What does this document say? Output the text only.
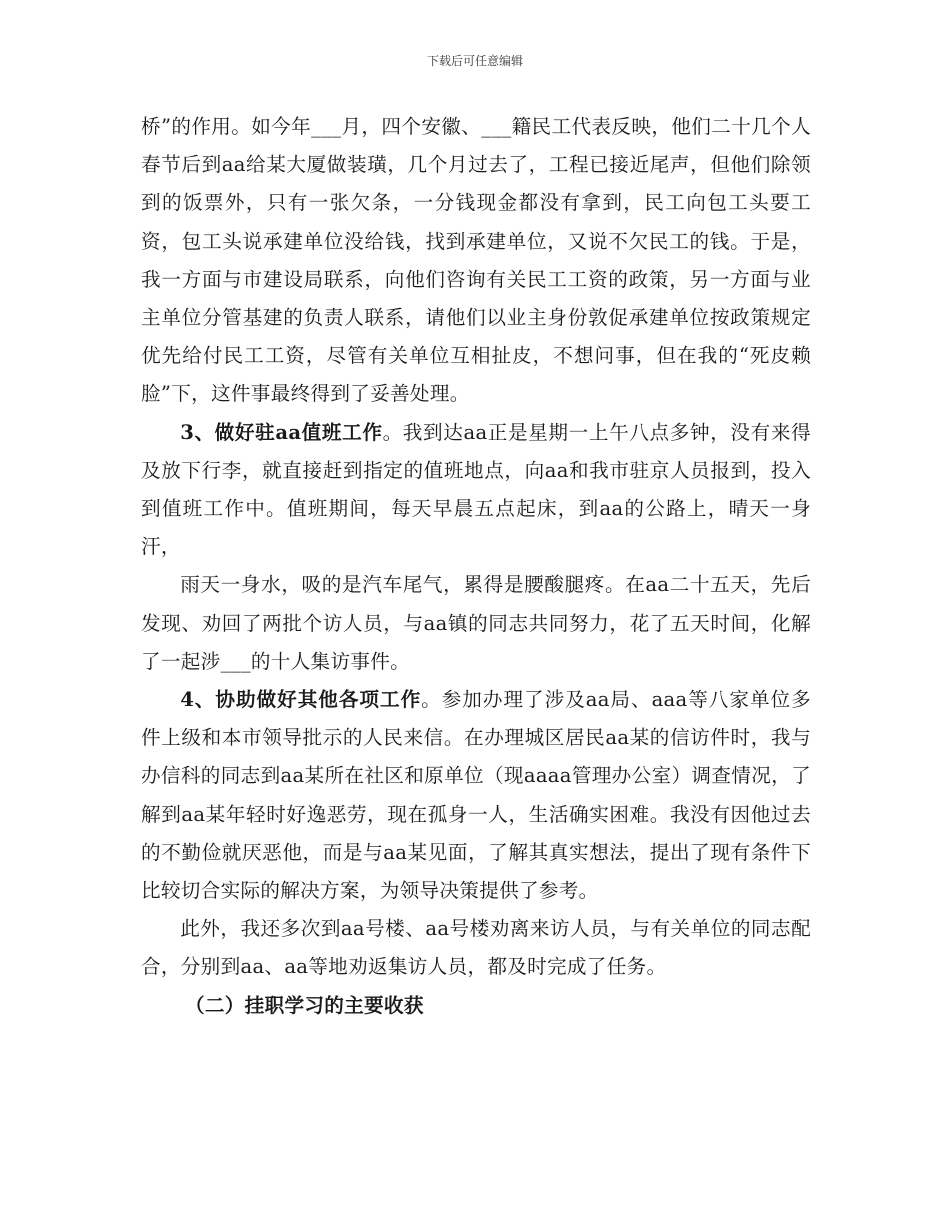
下载后可任意编辑

桥”的作用。如今年___月，四个安徽、___籍民工代表反映，他们二十几个人春节后到aa给某大厦做装璜，几个月过去了，工程已接近尾声，但他们除领到的饭票外，只有一张欠条，一分钱现金都没有拿到，民工向包工头要工资，包工头说承建单位没给钱，找到承建单位，又说不欠民工的钱。于是，我一方面与市建设局联系，向他们咨询有关民工工资的政策，另一方面与业主单位分管基建的负责人联系，请他们以业主身份敦促承建单位按政策规定优先给付民工工资，尽管有关单位互相扯皮，不想问事，但在我的“死皮赖脸”下，这件事最终得到了妥善处理。

3、做好驻aa值班工作。我到达aa正是星期一上午八点多钟，没有来得及放下行李，就直接赶到指定的值班地点，向aa和我市驻京人员报到，投入到值班工作中。值班期间，每天早晨五点起床，到aa的公路上，晴天一身汗，

雨天一身水，吸的是汽车尾气，累得是腰酸腿疼。在aa二十五天，先后发现、劝回了两批个访人员，与aa镇的同志共同努力，花了五天时间，化解了一起涉___的十人集访事件。

4、协助做好其他各项工作。参加办理了涉及aa局、aaa等八家单位多件上级和本市领导批示的人民来信。在办理城区居民aa某的信访件时，我与办信科的同志到aa某所在社区和原单位（现aaaa管理办公室）调查情况，了解到aa某年轻时好逸恶劳，现在孤身一人，生活确实困难。我没有因他过去的不勤俭就厌恶他，而是与aa某见面，了解其真实想法，提出了现有条件下比较切合实际的解决方案，为领导决策提供了参考。

此外，我还多次到aa号楼、aa号楼劝离来访人员，与有关单位的同志配合，分别到aa、aa等地劝返集访人员，都及时完成了任务。

（二）挂职学习的主要收获
